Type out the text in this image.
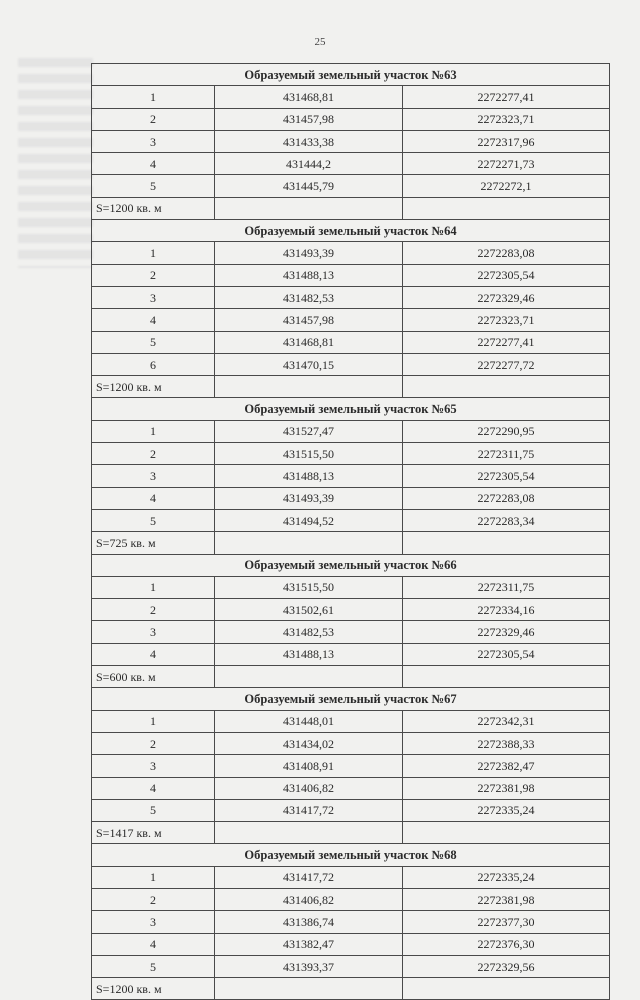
25
Образуемый земельный участок №63		
1	431468,81	2272277,41
2	431457,98	2272323,71
3	431433,38	2272317,96
4	431444,2	2272271,73
5	431445,79	2272272,1
S=1200 кв. м		
Образуемый земельный участок №64		
1	431493,39	2272283,08
2	431488,13	2272305,54
3	431482,53	2272329,46
4	431457,98	2272323,71
5	431468,81	2272277,41
6	431470,15	2272277,72
S=1200 кв. м		
Образуемый земельный участок №65		
1	431527,47	2272290,95
2	431515,50	2272311,75
3	431488,13	2272305,54
4	431493,39	2272283,08
5	431494,52	2272283,34
S=725 кв. м		
Образуемый земельный участок №66		
1	431515,50	2272311,75
2	431502,61	2272334,16
3	431482,53	2272329,46
4	431488,13	2272305,54
S=600 кв. м		
Образуемый земельный участок №67		
1	431448,01	2272342,31
2	431434,02	2272388,33
3	431408,91	2272382,47
4	431406,82	2272381,98
5	431417,72	2272335,24
S=1417 кв. м		
Образуемый земельный участок №68		
1	431417,72	2272335,24
2	431406,82	2272381,98
3	431386,74	2272377,30
4	431382,47	2272376,30
5	431393,37	2272329,56
S=1200 кв. м		
